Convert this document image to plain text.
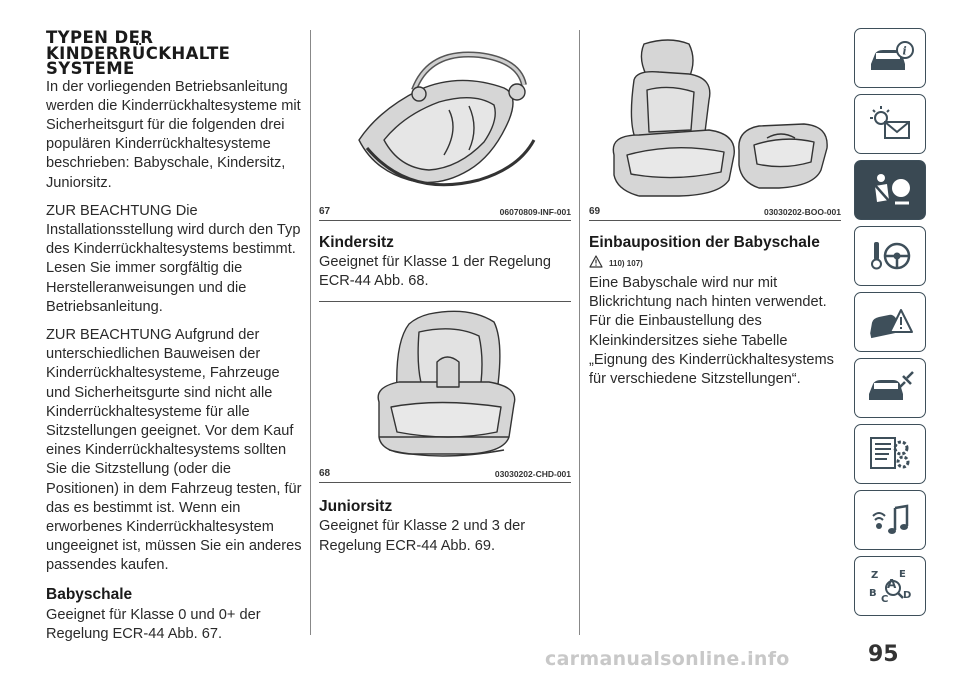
TYPEN DER KINDERRÜCKHALTE SYSTEME

In der vorliegenden Betriebsanleitung werden die Kinderrückhaltesysteme mit Sicherheitsgurt für die folgenden drei populären Kinderrückhaltesysteme beschrieben: Babyschale, Kindersitz, Juniorsitz.

ZUR BEACHTUNG Die Installationsstellung wird durch den Typ des Kinderrückhaltesystems bestimmt. Lesen Sie immer sorgfältig die Herstelleranweisungen und die Betriebsanleitung.

ZUR BEACHTUNG Aufgrund der unterschiedlichen Bauweisen der Kinderrückhaltesysteme, Fahrzeuge und Sicherheitsgurte sind nicht alle Kinderrückhaltesysteme für alle Sitzstellungen geeignet. Vor dem Kauf eines Kinderrückhaltesystems sollten Sie die Sitzstellung (oder die Positionen) in dem Fahrzeug testen, für das es bestimmt ist. Wenn ein erworbenes Kinderrückhaltesystem ungeeignet ist, müssen Sie ein anderes passendes kaufen.

Babyschale

Geeignet für Klasse 0 und 0+ der Regelung ECR-44 Abb. 67.

67	06070809-INF-001
Kindersitz

Geeignet für Klasse 1 der Regelung ECR-44 Abb. 68.

68	03030202-CHD-001
Juniorsitz

Geeignet für Klasse 2 und 3 der Regelung ECR-44 Abb. 69.

69	03030202-BOO-001
Einbauposition der Babyschale
110) 107)

Eine Babyschale wird nur mit Blickrichtung nach hinten verwendet. Für die Einbaustellung des Kleinkindersitzes siehe Tabelle „Eignung des Kinderrückhaltesystems für verschiedene Sitzstellungen“.

i
Z E
A
B
C D
carmanualsonline.info	95
